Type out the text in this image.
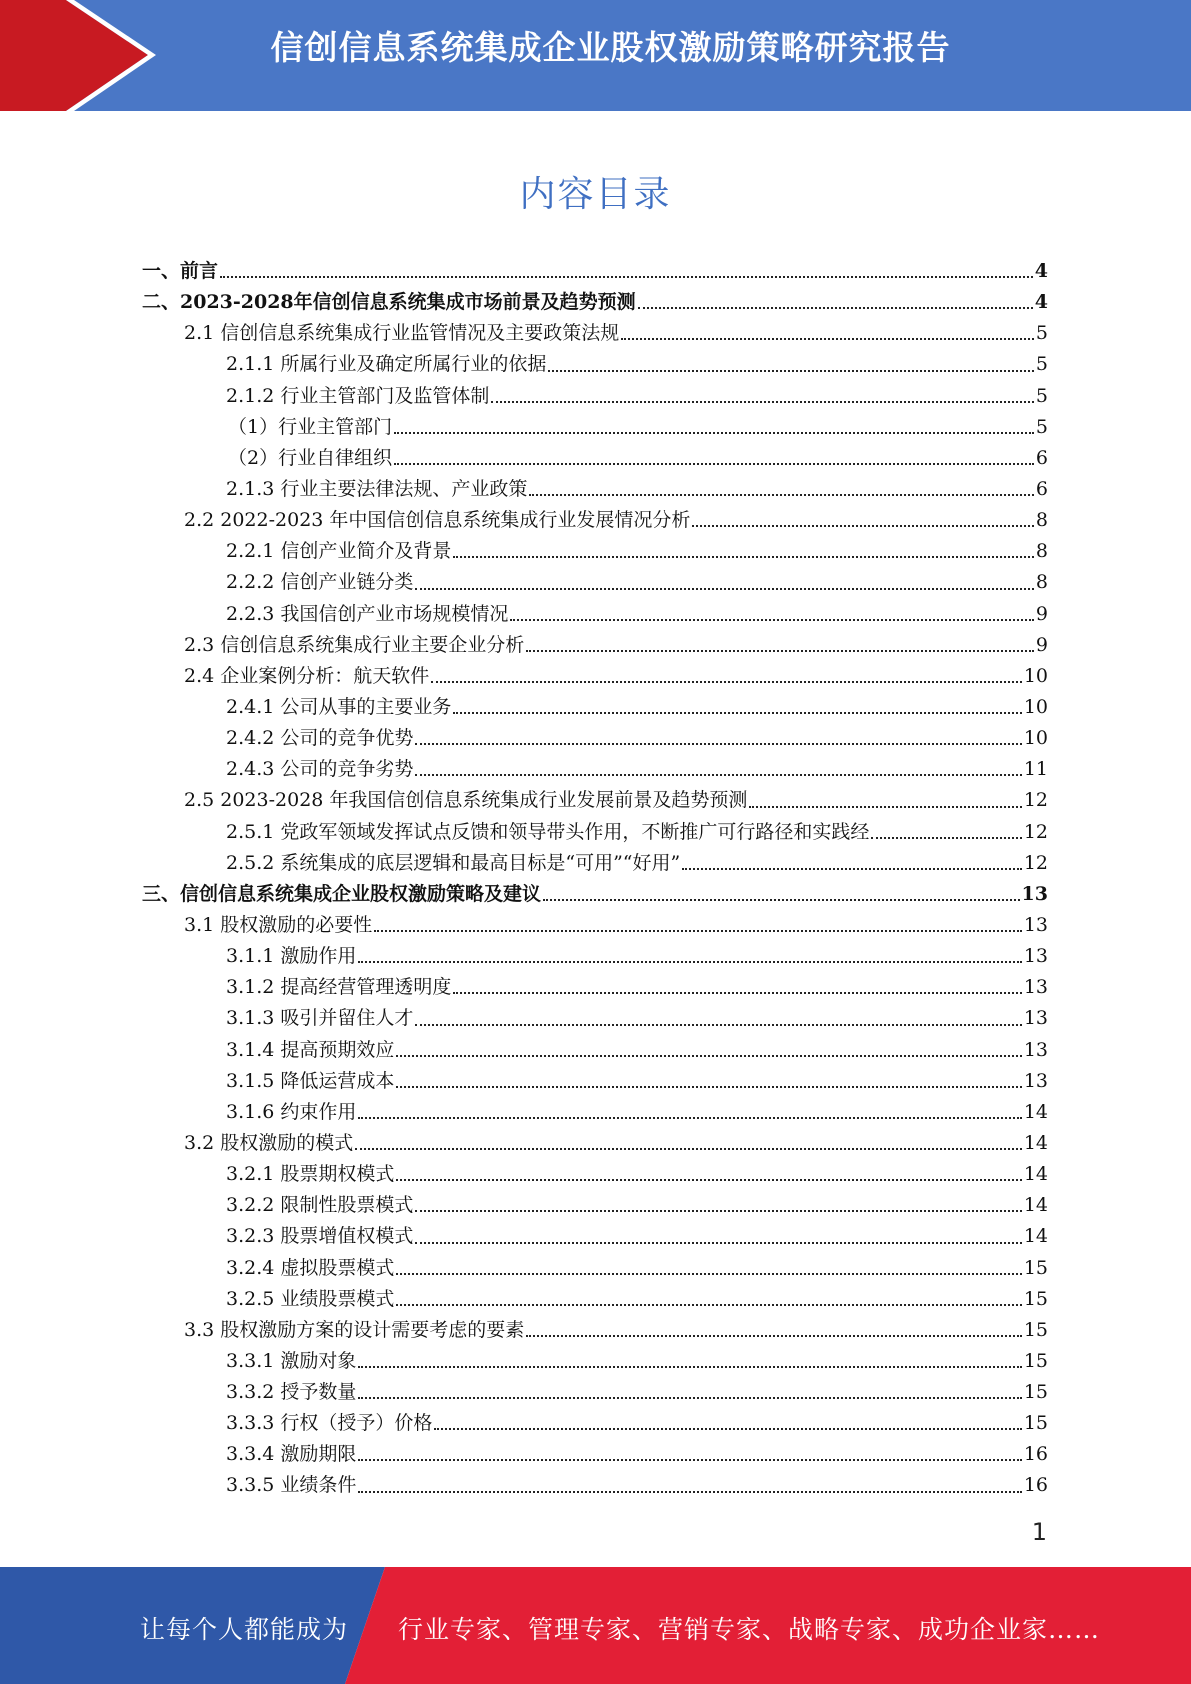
信创信息系统集成企业股权激励策略研究报告
内容目录
一、前言	4
二、2023-2028年信创信息系统集成市场前景及趋势预测	4
2.1 信创信息系统集成行业监管情况及主要政策法规	5
2.1.1 所属行业及确定所属行业的依据	5
2.1.2 行业主管部门及监管体制	5
（1）行业主管部门	5
（2）行业自律组织	6
2.1.3 行业主要法律法规、产业政策	6
2.2 2022-2023 年中国信创信息系统集成行业发展情况分析	8
2.2.1 信创产业简介及背景	8
2.2.2 信创产业链分类	8
2.2.3 我国信创产业市场规模情况	9
2.3 信创信息系统集成行业主要企业分析	9
2.4 企业案例分析：航天软件	10
2.4.1 公司从事的主要业务	10
2.4.2 公司的竞争优势	10
2.4.3 公司的竞争劣势	11
2.5 2023-2028 年我国信创信息系统集成行业发展前景及趋势预测	12
2.5.1 党政军领域发挥试点反馈和领导带头作用，不断推广可行路径和实践经	12
2.5.2 系统集成的底层逻辑和最高目标是“可用”“好用”	12
三、信创信息系统集成企业股权激励策略及建议	13
3.1 股权激励的必要性	13
3.1.1 激励作用	13
3.1.2 提高经营管理透明度	13
3.1.3 吸引并留住人才	13
3.1.4 提高预期效应	13
3.1.5 降低运营成本	13
3.1.6 约束作用	14
3.2 股权激励的模式	14
3.2.1 股票期权模式	14
3.2.2 限制性股票模式	14
3.2.3 股票增值权模式	14
3.2.4 虚拟股票模式	15
3.2.5 业绩股票模式	15
3.3 股权激励方案的设计需要考虑的要素	15
3.3.1 激励对象	15
3.3.2 授予数量	15
3.3.3 行权（授予）价格	15
3.3.4 激励期限	16
3.3.5 业绩条件	16
1
让每个人都能成为 行业专家、管理专家、营销专家、战略专家、成功企业家……
